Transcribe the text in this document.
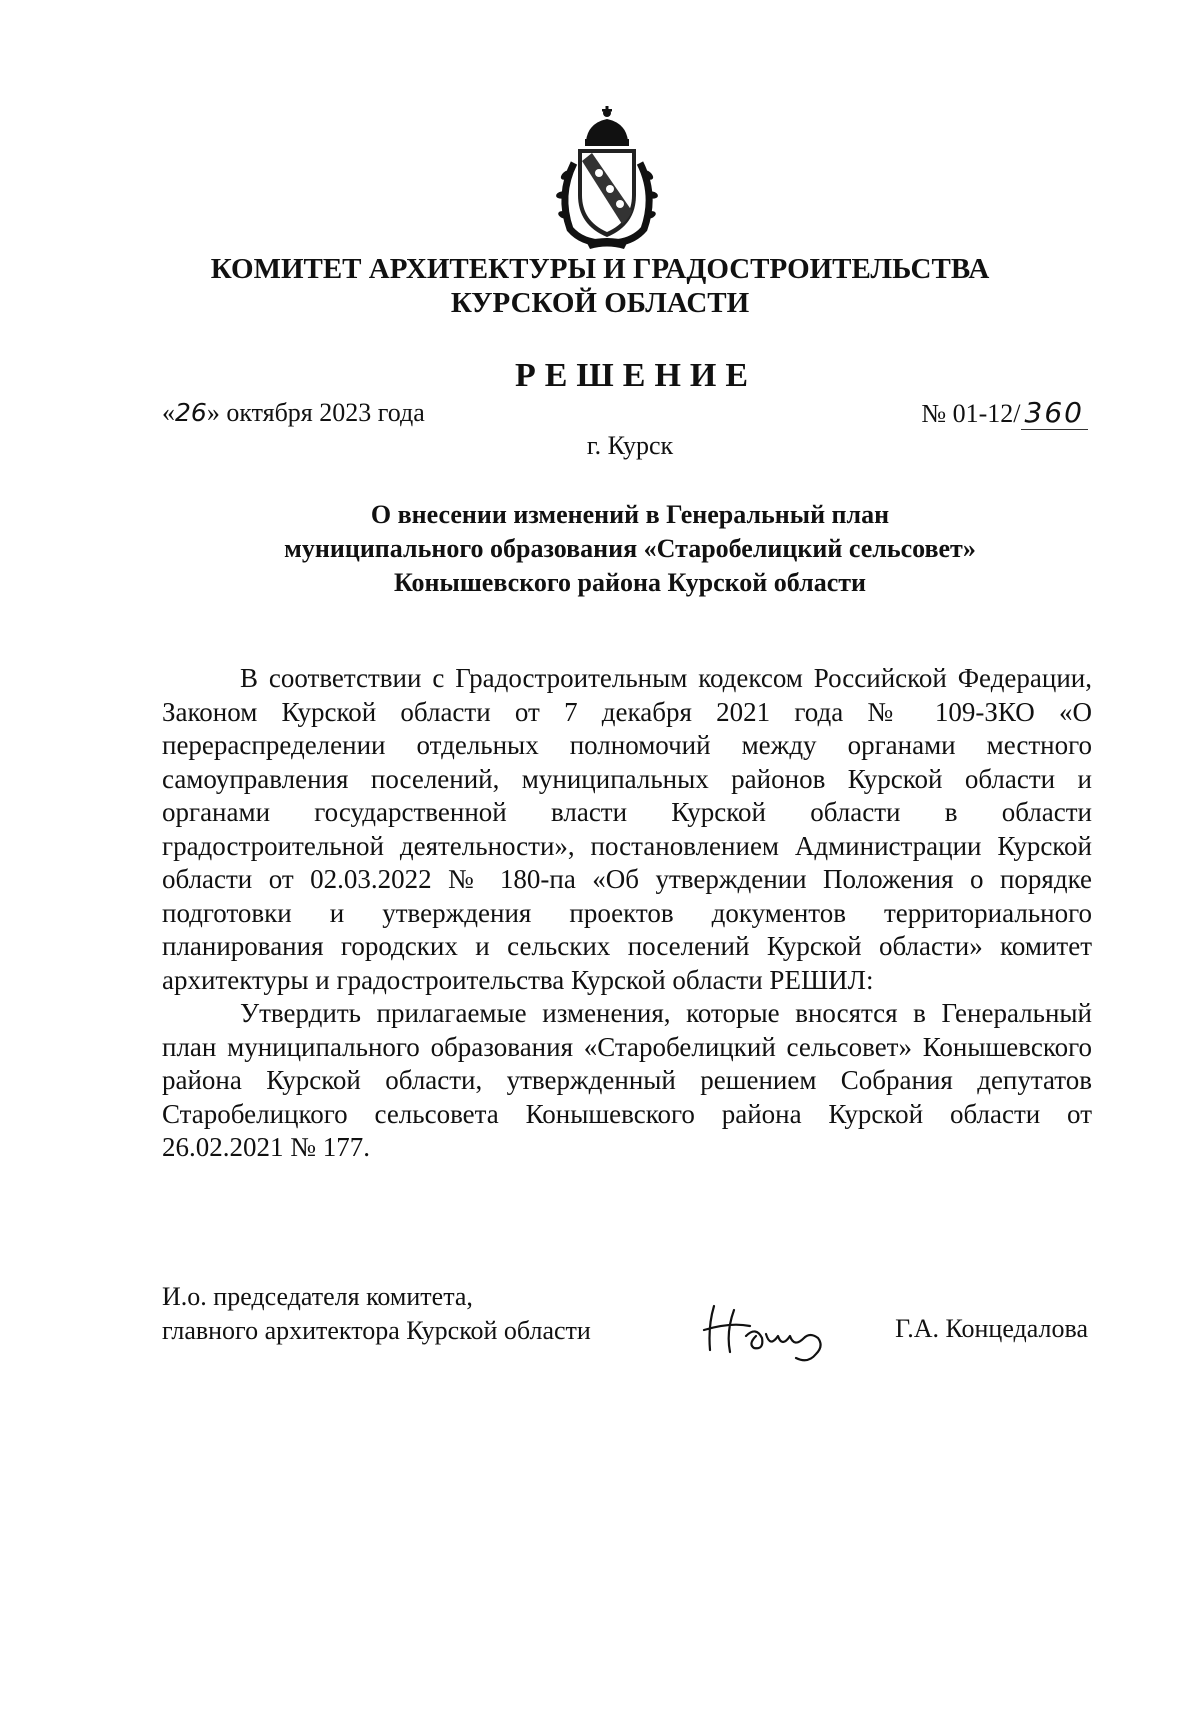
КОМИТЕТ АРХИТЕКТУРЫ И ГРАДОСТРОИТЕЛЬСТВА
КУРСКОЙ ОБЛАСТИ
РЕШЕНИЕ
«26» октября 2023 года	№ 01-12/ 360
г. Курск
О внесении изменений в Генеральный план
муниципального образования «Старобелицкий сельсовет»
Конышевского района Курской области

В соответствии с Градостроительным кодексом Российской Федерации, Законом Курской области от 7 декабря 2021 года № 109-ЗКО «О перераспределении отдельных полномочий между органами местного самоуправления поселений, муниципальных районов Курской области и органами государственной власти Курской области в области градостроительной деятельности», постановлением Администрации Курской области от 02.03.2022 № 180-па «Об утверждении Положения о порядке подготовки и утверждения проектов документов территориального планирования городских и сельских поселений Курской области» комитет архитектуры и градостроительства Курской области РЕШИЛ:

Утвердить прилагаемые изменения, которые вносятся в Генеральный план муниципального образования «Старобелицкий сельсовет» Конышевского района Курской области, утвержденный решением Собрания депутатов Старобелицкого сельсовета Конышевского района Курской области от 26.02.2021 № 177.

И.о. председателя комитета,
главного архитектора Курской области	Г.А. Концедалова
